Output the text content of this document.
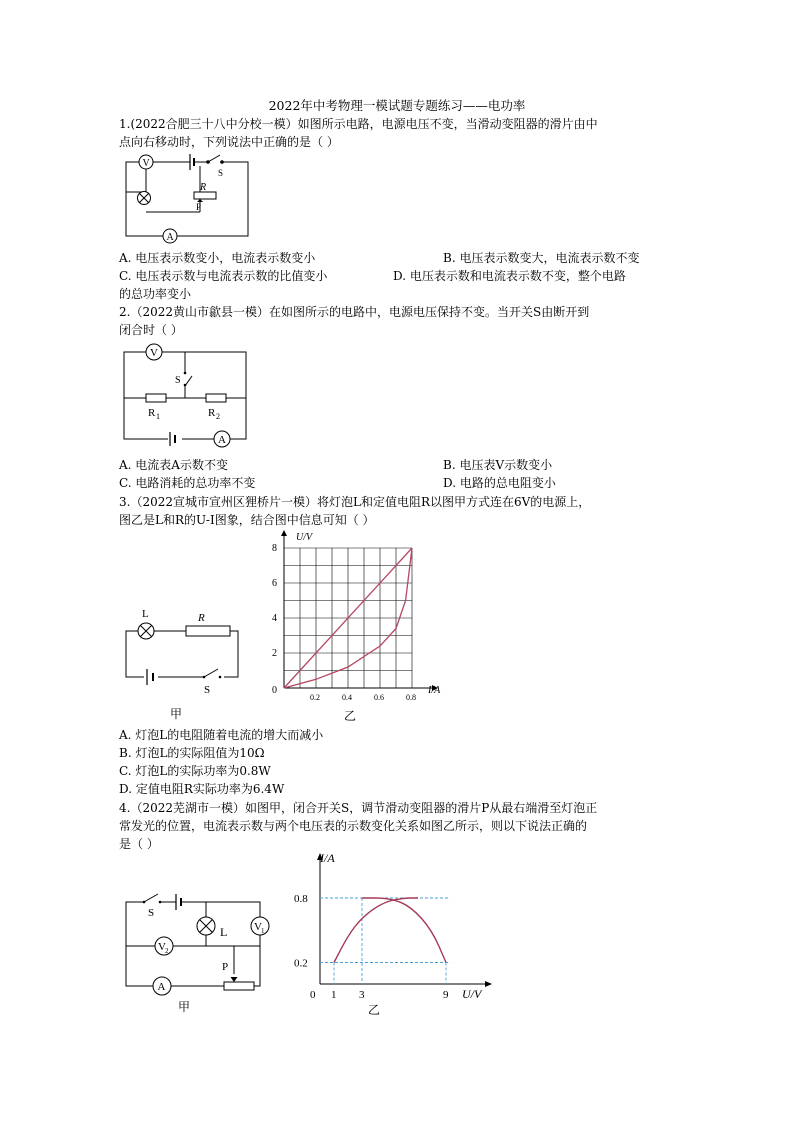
2022年中考物理一模试题专题练习——电功率
1.(2022合肥三十八中分校一模）如图所示电路，电源电压不变，当滑动变阻器的滑片由中
点向右移动时，下列说法中正确的是（ ）
V
A
S
R
P
A. 电压表示数变小，电流表示数变小	B. 电压表示数变大，电流表示数不变
C. 电压表示数与电流表示数的比值变小	D. 电压表示数和电流表示数不变，整个电路
的总功率变小
2.（2022黄山市歙县一模）在如图所示的电路中，电源电压保持不变。当开关S由断开到
闭合时（ ）
V
R 1	R 2
S
A
A. 电流表A示数不变	B. 电压表V示数变小
C. 电路消耗的总功率不变	D. 电路的总电阻变小
3.（2022宣城市宣州区狸桥片一模）将灯泡L和定值电阻R以图甲方式连在6V的电源上，
图乙是L和R的U-I图象，结合图中信息可知（ ）
L	R
S
甲
0.2	0.4	0.6	0.8
2
4
6
8
U/V
I/A
0
乙
A. 灯泡L的电阻随着电流的增大而减小
B. 灯泡L的实际阻值为10Ω
C. 灯泡L的实际功率为0.8W
D. 定值电阻R实际功率为6.4W
4.（2022芜湖市一模）如图甲，闭合开关S，调节滑动变阻器的滑片P从最右端滑至灯泡正
常发光的位置，电流表示数与两个电压表的示数变化关系如图乙所示，则以下说法正确的
是（ ）
S
L V 1
V 2
A
P
甲
1 3	9
0.2
0.8
I/A
U/V
0
乙
